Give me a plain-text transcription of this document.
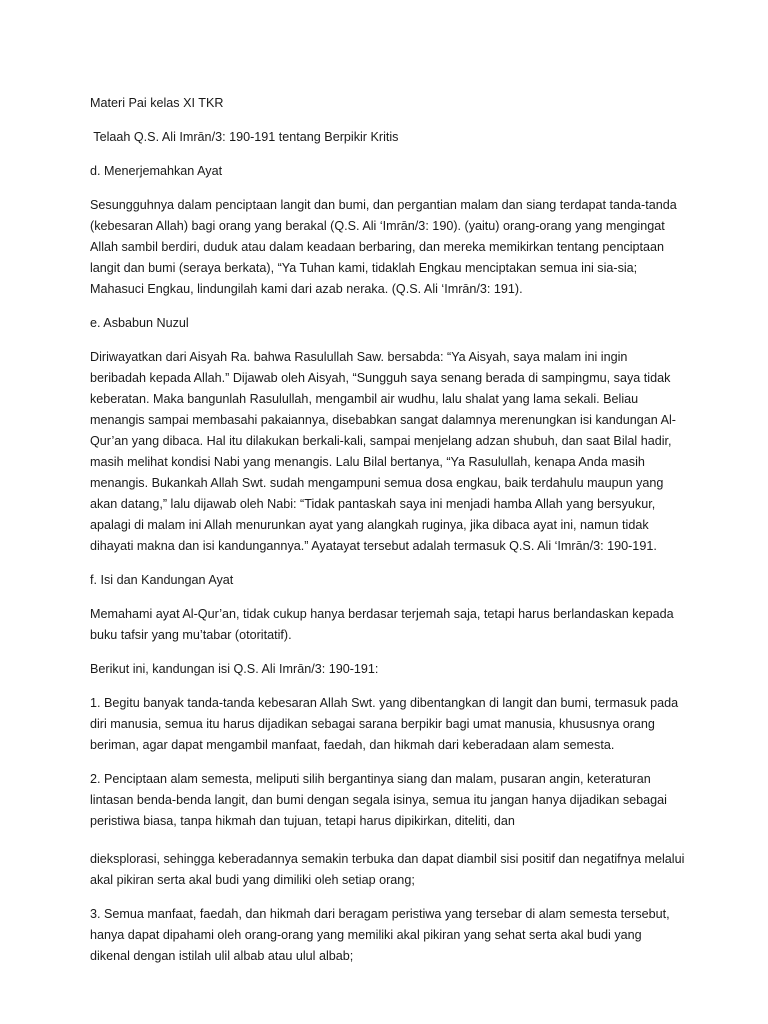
Materi Pai kelas XI TKR

Telaah Q.S. Ali Imrān/3: 190-191 tentang Berpikir Kritis

d. Menerjemahkan Ayat

Sesungguhnya dalam penciptaan langit dan bumi, dan pergantian malam dan siang terdapat tanda-tanda (kebesaran Allah) bagi orang yang berakal (Q.S. Ali ‘Imrān/3: 190). (yaitu) orang-orang yang mengingat Allah sambil berdiri, duduk atau dalam keadaan berbaring, dan mereka memikirkan tentang penciptaan langit dan bumi (seraya berkata), “Ya Tuhan kami, tidaklah Engkau menciptakan semua ini sia-sia; Mahasuci Engkau, lindungilah kami dari azab neraka. (Q.S. Ali ‘Imrān/3: 191).

e. Asbabun Nuzul

Diriwayatkan dari Aisyah Ra. bahwa Rasulullah Saw. bersabda: “Ya Aisyah, saya malam ini ingin beribadah kepada Allah.” Dijawab oleh Aisyah, “Sungguh saya senang berada di sampingmu, saya tidak keberatan. Maka bangunlah Rasulullah, mengambil air wudhu, lalu shalat yang lama sekali. Beliau menangis sampai membasahi pakaiannya, disebabkan sangat dalamnya merenungkan isi kandungan Al-Qur’an yang dibaca. Hal itu dilakukan berkali-kali, sampai menjelang adzan shubuh, dan saat Bilal hadir, masih melihat kondisi Nabi yang menangis. Lalu Bilal bertanya, “Ya Rasulullah, kenapa Anda masih menangis. Bukankah Allah Swt. sudah mengampuni semua dosa engkau, baik terdahulu maupun yang akan datang,” lalu dijawab oleh Nabi: “Tidak pantaskah saya ini menjadi hamba Allah yang bersyukur, apalagi di malam ini Allah menurunkan ayat yang alangkah ruginya, jika dibaca ayat ini, namun tidak dihayati makna dan isi kandungannya.” Ayatayat tersebut adalah termasuk Q.S. Ali ‘Imrān/3: 190-191.

f. Isi dan Kandungan Ayat

Memahami ayat Al-Qur’an, tidak cukup hanya berdasar terjemah saja, tetapi harus berlandaskan kepada buku tafsir yang mu’tabar (otoritatif).

Berikut ini, kandungan isi Q.S. Ali Imrān/3: 190-191:

1. Begitu banyak tanda-tanda kebesaran Allah Swt. yang dibentangkan di langit dan bumi, termasuk pada diri manusia, semua itu harus dijadikan sebagai sarana berpikir bagi umat manusia, khususnya orang beriman, agar dapat mengambil manfaat, faedah, dan hikmah dari keberadaan alam semesta.

2. Penciptaan alam semesta, meliputi silih bergantinya siang dan malam, pusaran angin, keteraturan lintasan benda-benda langit, dan bumi dengan segala isinya, semua itu jangan hanya dijadikan sebagai peristiwa biasa, tanpa hikmah dan tujuan, tetapi harus dipikirkan, diteliti, dan

dieksplorasi, sehingga keberadannya semakin terbuka dan dapat diambil sisi positif dan negatifnya melalui akal pikiran serta akal budi yang dimiliki oleh setiap orang;

3. Semua manfaat, faedah, dan hikmah dari beragam peristiwa yang tersebar di alam semesta tersebut, hanya dapat dipahami oleh orang-orang yang memiliki akal pikiran yang sehat serta akal budi yang dikenal dengan istilah ulil albab atau ulul albab;
